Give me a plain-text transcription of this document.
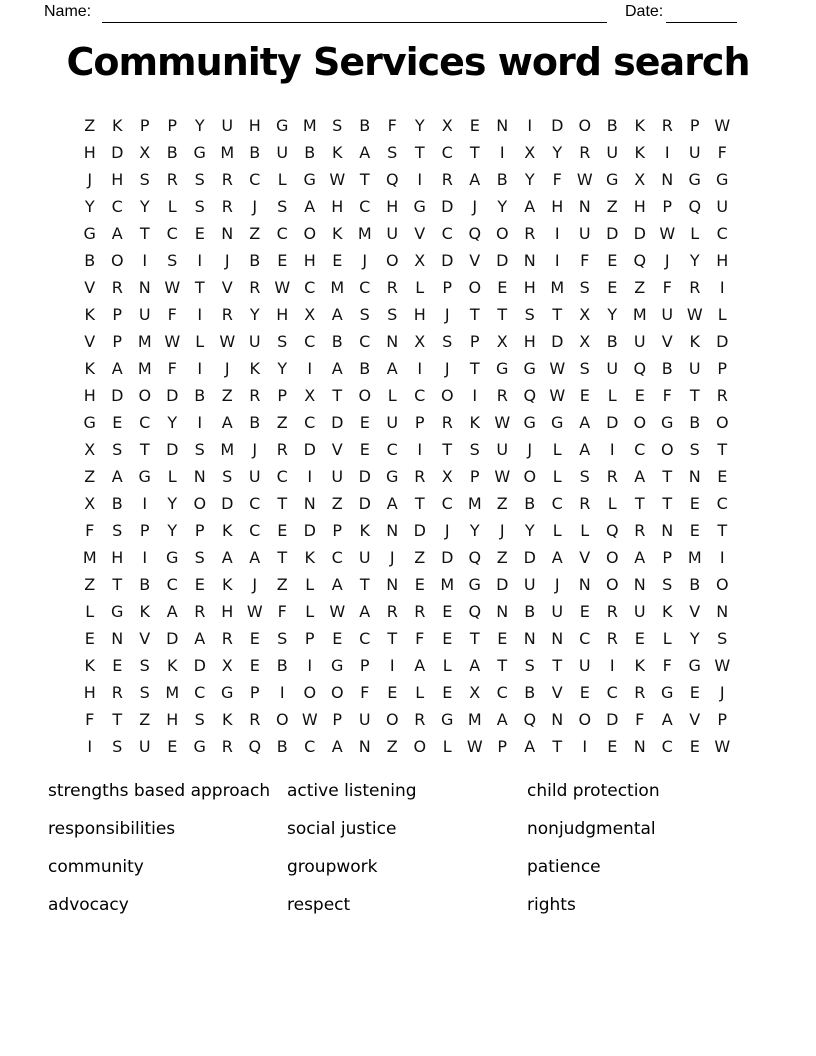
Name:	Date:
Community Services word search
Z	K	P	P	Y	U H G M S	B	F	Y	X	E	N	I	D O B	K	R	P W
H D X	B G M B	U	B	K	A	S	T	C	T	I	X	Y	R	U	K	I	U	F
J	H	S	R	S	R	C	L	G W T	Q	I	R	A	B	Y	F W G X	N G G
Y	C	Y	L	S	R	J	S	A	H C H G D	J	Y	A	H N	Z	H	P	Q U
G A	T	C	E	N	Z	C O K M U	V	C Q O R	I	U D D W L	C
B O	I	S	I	J	B	E	H	E	J	O X D V D N	I	F	E	Q	J	Y	H
V	R N W T	V	R W C M C	R	L	P	O	E	H M S	E	Z	F	R	I
K	P	U	F	I	R	Y	H	X	A	S	S	H	J	T	T	S	T	X	Y M U W L
V	P M W L W U	S	C	B	C N	X	S	P	X	H D X	B	U	V	K	D
K	A M F	I	J	K	Y	I	A	B	A	I	J	T	G G W S	U Q B	U	P
H D O D B	Z	R	P	X	T	O	L	C O	I	R Q W E	L	E	F	T	R
G	E	C	Y	I	A	B	Z	C D	E	U	P	R	K W G G A D O G B O
X	S	T	D	S M	J	R D V	E	C	I	T	S	U	J	L	A	I	C O	S	T
Z	A G	L	N	S	U	C	I	U D G R	X	P W O	L	S	R	A	T	N	E
X	B	I	Y	O D C	T	N	Z D A	T	C M Z	B	C	R	L	T	T	E	C
F	S	P	Y	P	K	C	E	D	P	K	N D	J	Y	J	Y	L	L	Q R N	E	T
M H	I	G	S	A	A	T	K	C	U	J	Z D Q Z D A	V O A	P M	I
Z	T	B	C	E	K	J	Z	L	A	T	N	E M G D U	J	N O N	S	B O
L	G	K	A	R H W F	L W A	R	R	E	Q N	B	U	E	R	U	K	V	N
E	N	V D A	R	E	S	P	E	C	T	F	E	T	E	N N C	R	E	L	Y	S
K	E	S	K	D X	E	B	I	G	P	I	A	L	A	T	S	T	U	I	K	F	G W
H R	S M C G	P	I	O O	F	E	L	E	X	C	B	V	E	C	R G	E	J
F	T	Z	H	S	K	R O W P	U O R G M A Q N O D	F	A	V	P
I	S	U	E	G R Q B	C	A	N	Z O	L W P	A	T	I	E	N C	E W
strengths based approach
responsibilities
community
advocacy
active listening
social justice
groupwork
respect
child protection
nonjudgmental
patience
rights
